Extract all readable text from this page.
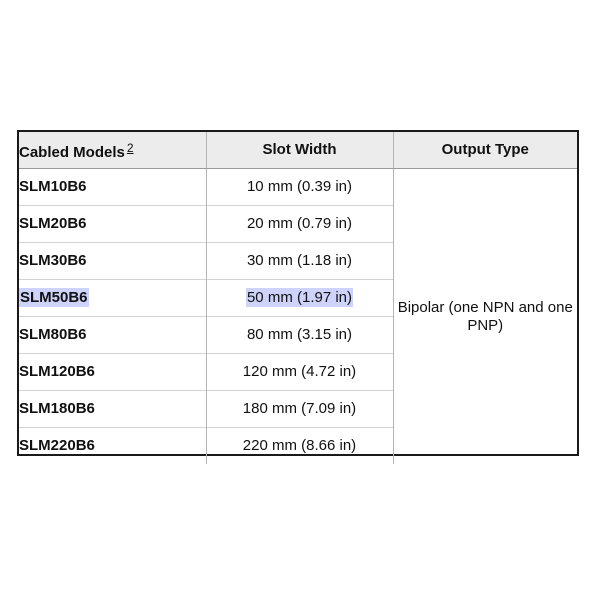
Cabled Models $^2$	Slot Width	Output Type
SLM10B6	10 mm (0.39 in)	Bipolar (one NPN and one PNP)
SLM20B6	20 mm (0.79 in)	
SLM30B6	30 mm (1.18 in)	
SLM50B6	50 mm (1.97 in)	
SLM80B6	80 mm (3.15 in)	
SLM120B6	120 mm (4.72 in)	
SLM180B6	180 mm (7.09 in)	
SLM220B6	220 mm (8.66 in)	
